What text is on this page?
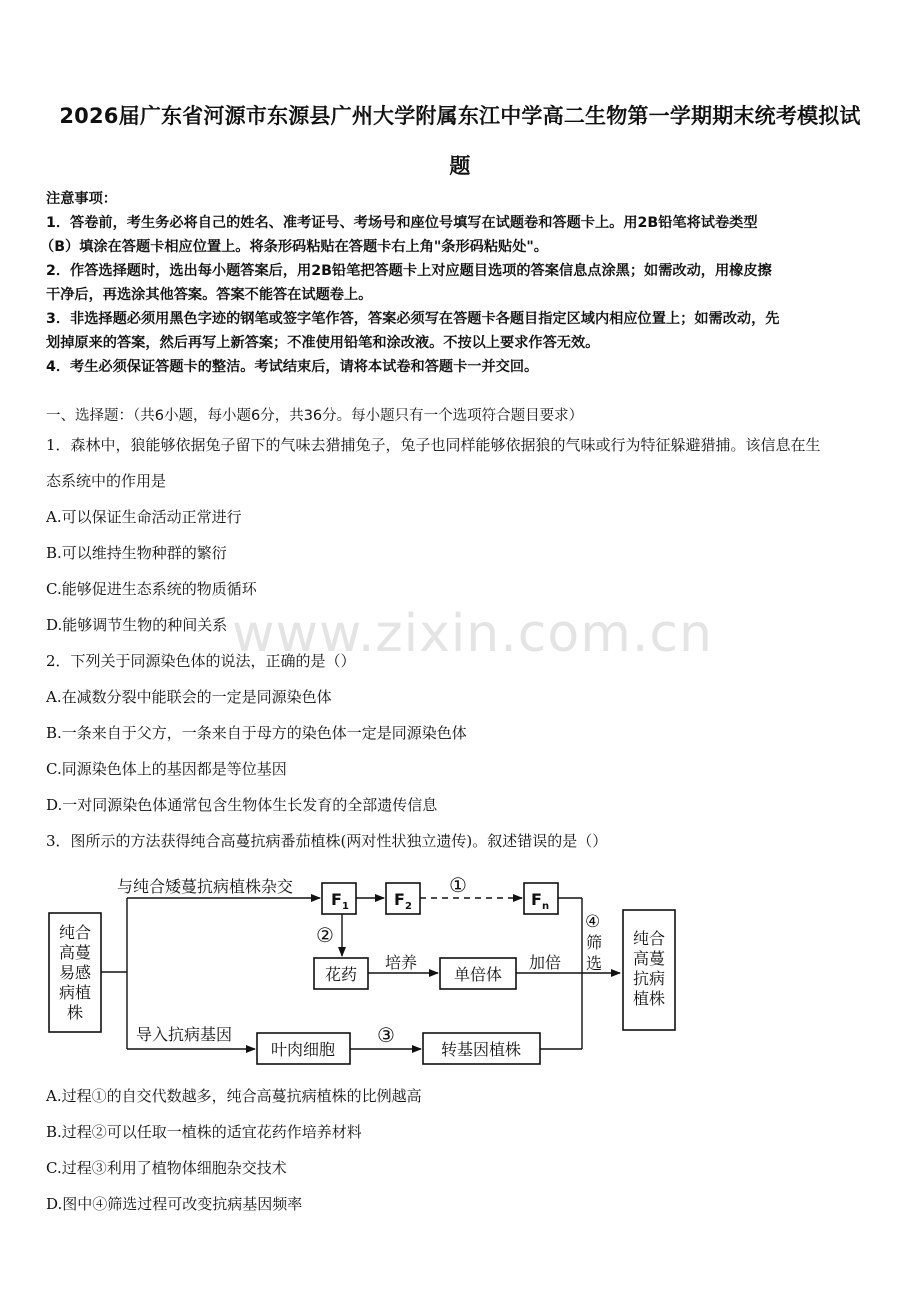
2026届广东省河源市东源县广州大学附属东江中学高二生物第一学期期末统考模拟试
题
注意事项：
1．答卷前，考生务必将自己的姓名、准考证号、考场号和座位号填写在试题卷和答题卡上。用2B铅笔将试卷类型
（B）填涂在答题卡相应位置上。将条形码粘贴在答题卡右上角"条形码粘贴处"。
2．作答选择题时，选出每小题答案后，用2B铅笔把答题卡上对应题目选项的答案信息点涂黑；如需改动，用橡皮擦
干净后，再选涂其他答案。答案不能答在试题卷上。
3．非选择题必须用黑色字迹的钢笔或签字笔作答，答案必须写在答题卡各题目指定区域内相应位置上；如需改动，先
划掉原来的答案，然后再写上新答案；不准使用铅笔和涂改液。不按以上要求作答无效。
4．考生必须保证答题卡的整洁。考试结束后，请将本试卷和答题卡一并交回。
一、选择题：（共6小题，每小题6分，共36分。每小题只有一个选项符合题目要求）
1．森林中，狼能够依据兔子留下的气味去猎捕兔子，兔子也同样能够依据狼的气味或行为特征躲避猎捕。该信息在生
态系统中的作用是
A.可以保证生命活动正常进行
B.可以维持生物种群的繁衍
C.能够促进生态系统的物质循环
D.能够调节生物的种间关系 www.zixin.com.cn
2．下列关于同源染色体的说法，正确的是（）
A.在减数分裂中能联会的一定是同源染色体
B.一条来自于父方，一条来自于母方的染色体一定是同源染色体
C.同源染色体上的基因都是等位基因
D.一对同源染色体通常包含生物体生长发育的全部遗传信息
3．图所示的方法获得纯合高蔓抗病番茄植株(两对性状独立遗传)。叙述错误的是（）
纯合
高蔓
易感
病植
株
与纯合矮蔓抗病植株杂交
F 1	F 2
①
F n
②
花药
培养
单倍体
加倍
④
筛
选
纯合
高蔓
抗病
植株
导入抗病基因
叶肉细胞
③
转基因植株
A.过程①的自交代数越多，纯合高蔓抗病植株的比例越高
B.过程②可以任取一植株的适宜花药作培养材料
C.过程③利用了植物体细胞杂交技术
D.图中④筛选过程可改变抗病基因频率
